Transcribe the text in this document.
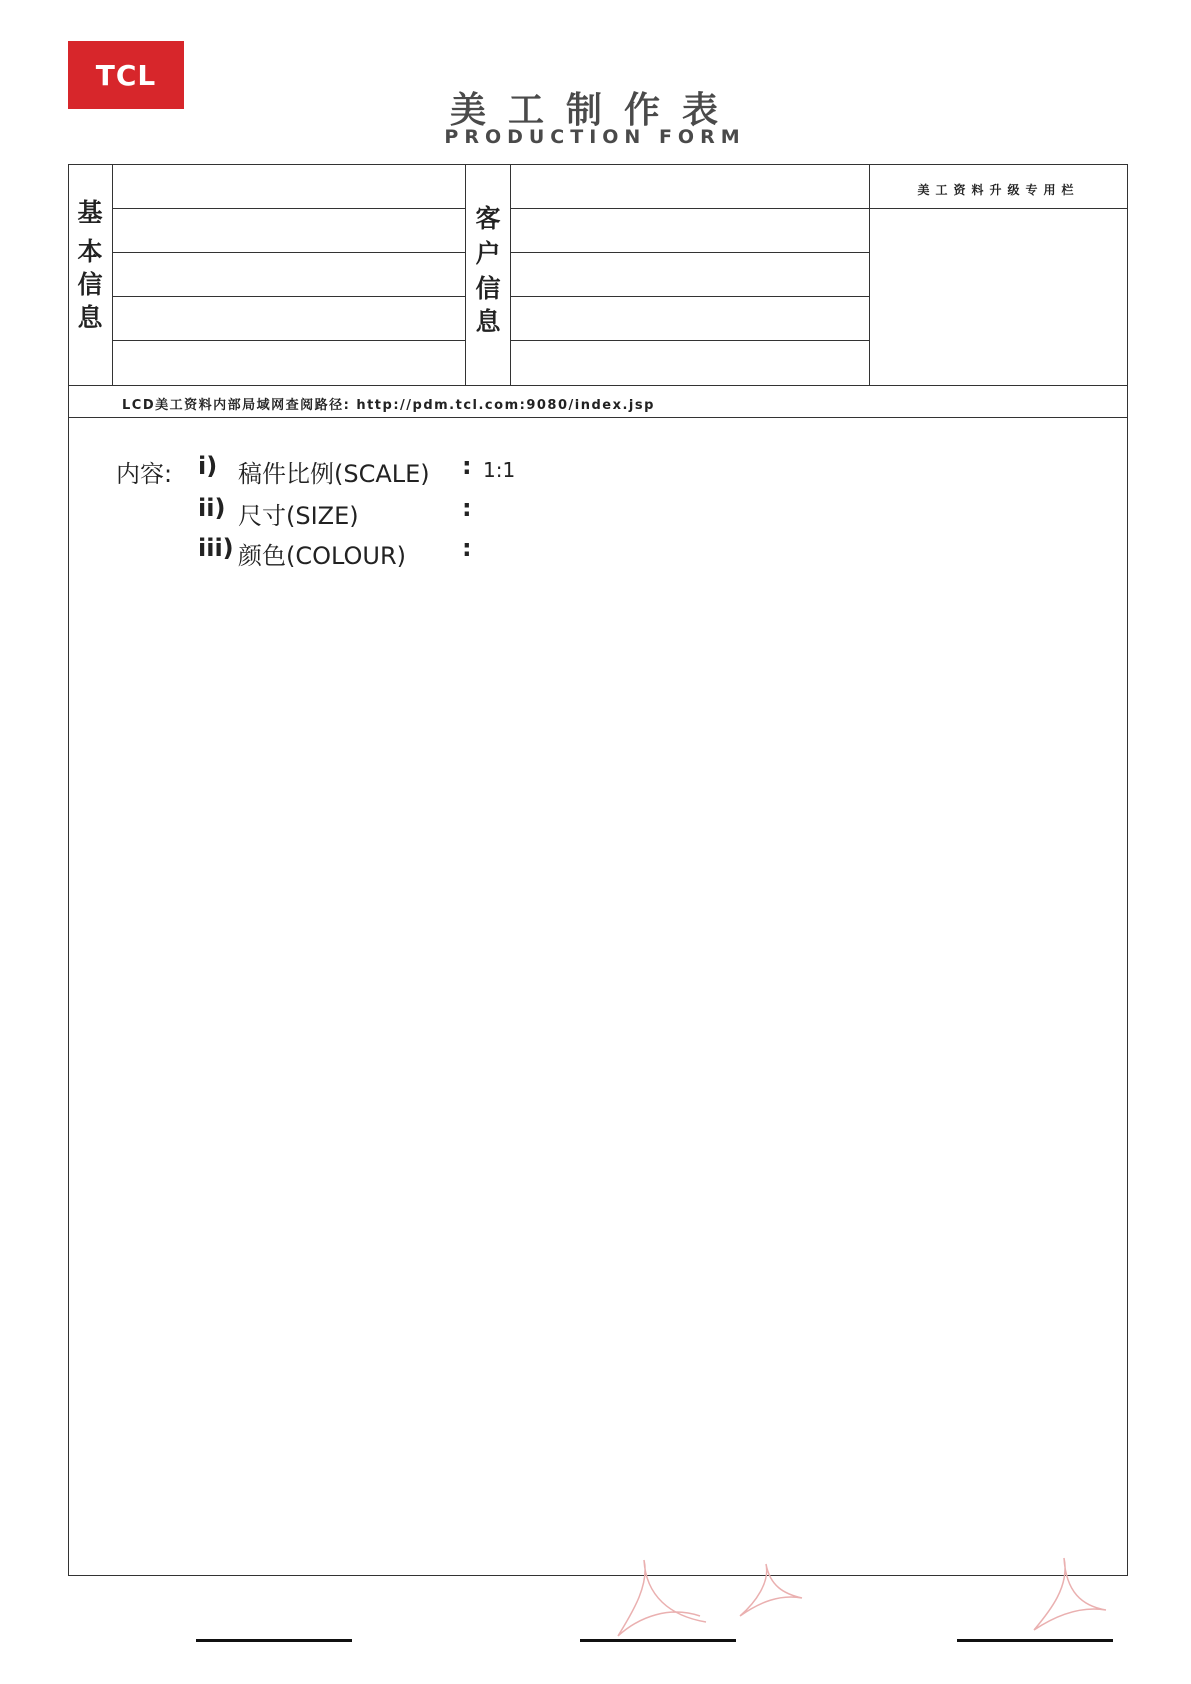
TCL
美工制作表
PRODUCTION FORM
基
本
信
息
客
户
信
息
美工资料升级专用栏
LCD美工资料内部局域网查阅路径: http://pdm.tcl.com:9080/index.jsp
内容: i) 稿件比例(SCALE) : 1:1
ii) 尺寸(SIZE)	:
iii) 颜色(COLOUR) :
